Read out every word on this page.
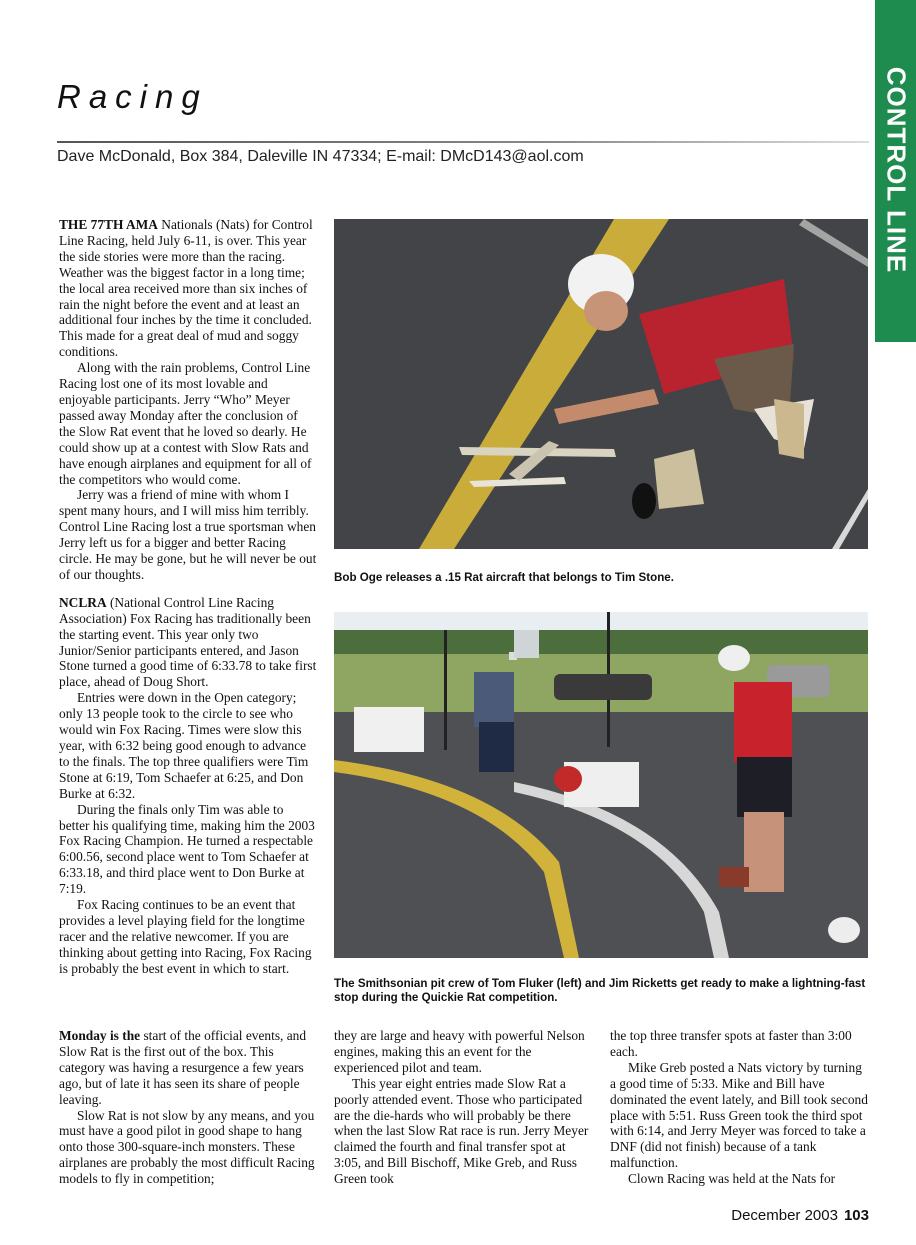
CONTROL LINE
Racing
Dave McDonald, Box 384, Daleville IN 47334; E-mail: DMcD143@aol.com

THE 77TH AMA Nationals (Nats) for Control Line Racing, held July 6-11, is over. This year the side stories were more than the racing. Weather was the biggest factor in a long time; the local area received more than six inches of rain the night before the event and at least an additional four inches by the time it concluded. This made for a great deal of mud and soggy conditions.

Along with the rain problems, Control Line Racing lost one of its most lovable and enjoyable participants. Jerry “Who” Meyer passed away Monday after the conclusion of the Slow Rat event that he loved so dearly. He could show up at a contest with Slow Rats and have enough airplanes and equipment for all of the competitors who would come.

Jerry was a friend of mine with whom I spent many hours, and I will miss him terribly. Control Line Racing lost a true sportsman when Jerry left us for a bigger and better Racing circle. He may be gone, but he will never be out of our thoughts.

NCLRA (National Control Line Racing Association) Fox Racing has traditionally been the starting event. This year only two Junior/Senior participants entered, and Jason Stone turned a good time of 6:33.78 to take first place, ahead of Doug Short.

Entries were down in the Open category; only 13 people took to the circle to see who would win Fox Racing. Times were slow this year, with 6:32 being good enough to advance to the finals. The top three qualifiers were Tim Stone at 6:19, Tom Schaefer at 6:25, and Don Burke at 6:32.

During the finals only Tim was able to better his qualifying time, making him the 2003 Fox Racing Champion. He turned a respectable 6:00.56, second place went to Tom Schaefer at 6:33.18, and third place went to Don Burke at 7:19.

Fox Racing continues to be an event that provides a level playing field for the longtime racer and the relative newcomer. If you are thinking about getting into Racing, Fox Racing is probably the best event in which to start.

Bob Oge releases a .15 Rat aircraft that belongs to Tim Stone.
The Smithsonian pit crew of Tom Fluker (left) and Jim Ricketts get ready to make a lightning-fast stop during the Quickie Rat competition.

Monday is the start of the official events, and Slow Rat is the first out of the box. This category was having a resurgence a few years ago, but of late it has seen its share of people leaving.

Slow Rat is not slow by any means, and you must have a good pilot in good shape to hang onto those 300-square-inch monsters. These airplanes are probably the most difficult Racing models to fly in competition;

they are large and heavy with powerful Nelson engines, making this an event for the experienced pilot and team.

This year eight entries made Slow Rat a poorly attended event. Those who participated are the die-hards who will probably be there when the last Slow Rat race is run. Jerry Meyer claimed the fourth and final transfer spot at 3:05, and Bill Bischoff, Mike Greb, and Russ Green took

the top three transfer spots at faster than 3:00 each.

Mike Greb posted a Nats victory by turning a good time of 5:33. Mike and Bill have dominated the event lately, and Bill took second place with 5:51. Russ Green took the third spot with 6:14, and Jerry Meyer was forced to take a DNF (did not finish) because of a tank malfunction.

Clown Racing was held at the Nats for

December 2003 103
